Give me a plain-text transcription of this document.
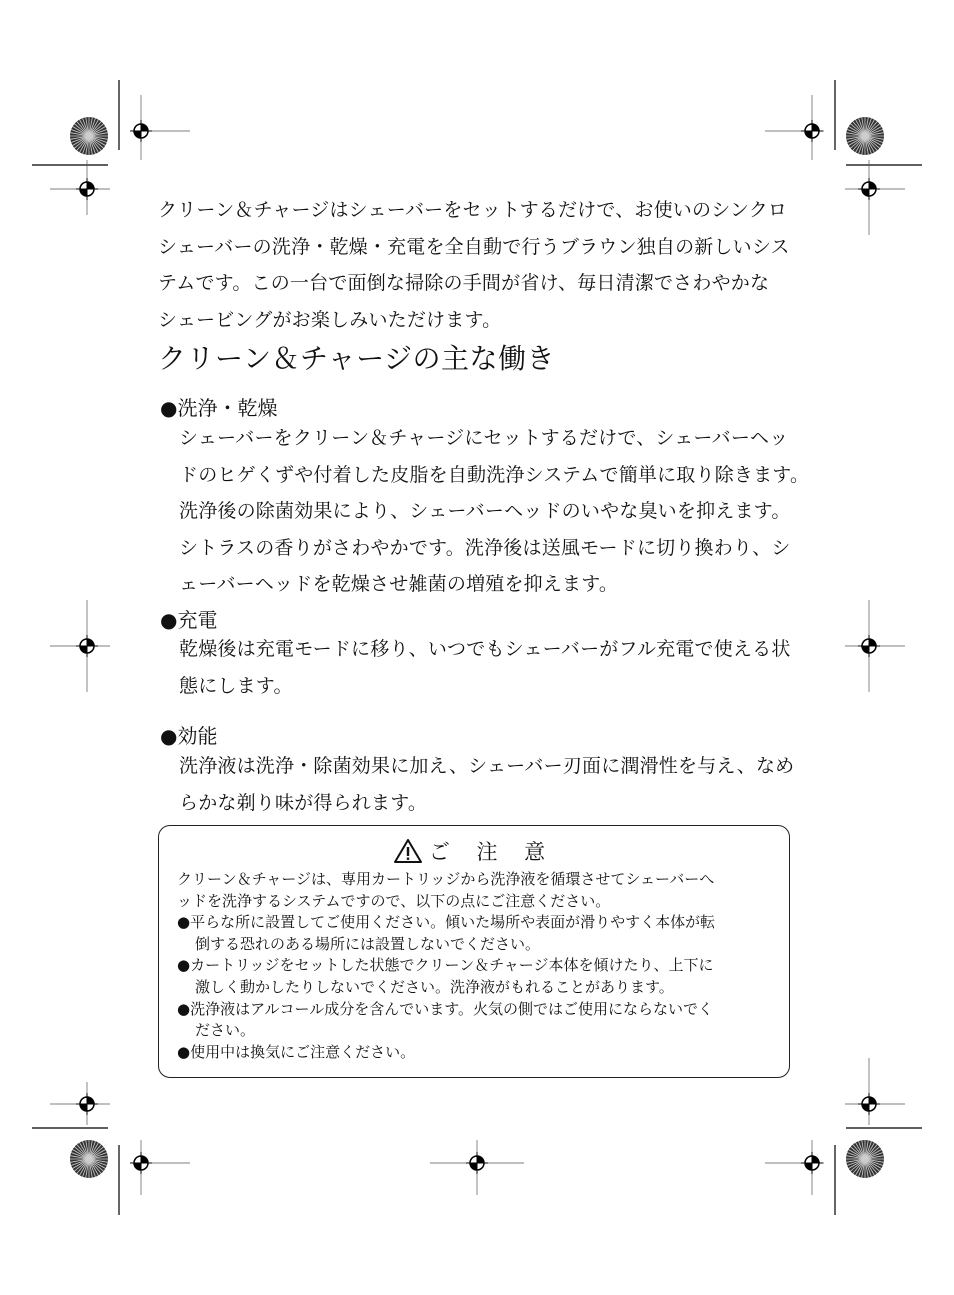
クリーン＆チャージはシェーバーをセットするだけで、お使いのシンクロ
シェーバーの洗浄・乾燥・充電を全自動で行うブラウン独自の新しいシス
テムです。この一台で面倒な掃除の手間が省け、毎日清潔でさわやかな
シェービングがお楽しみいただけます。

クリーン＆チャージの主な働き
●洗浄・乾燥

シェーバーをクリーン＆チャージにセットするだけで、シェーバーヘッ
ドのヒゲくずや付着した皮脂を自動洗浄システムで簡単に取り除きます。
洗浄後の除菌効果により、シェーバーヘッドのいやな臭いを抑えます。
シトラスの香りがさわやかです。洗浄後は送風モードに切り換わり、シ
ェーバーヘッドを乾燥させ雑菌の増殖を抑えます。

●充電

乾燥後は充電モードに移り、いつでもシェーバーがフル充電で使える状
態にします。

●効能

洗浄液は洗浄・除菌効果に加え、シェーバー刃面に潤滑性を与え、なめ
らかな剃り味が得られます。

ご 注 意
クリーン＆チャージは、専用カートリッジから洗浄液を循環させてシェーバーへ
ッドを洗浄するシステムですので、以下の点にご注意ください。
●平らな所に設置してご使用ください。傾いた場所や表面が滑りやすく本体が転
倒する恐れのある場所には設置しないでください。
●カートリッジをセットした状態でクリーン＆チャージ本体を傾けたり、上下に
激しく動かしたりしないでください。洗浄液がもれることがあります。
●洗浄液はアルコール成分を含んでいます。火気の側ではご使用にならないでく
ださい。
●使用中は換気にご注意ください。
